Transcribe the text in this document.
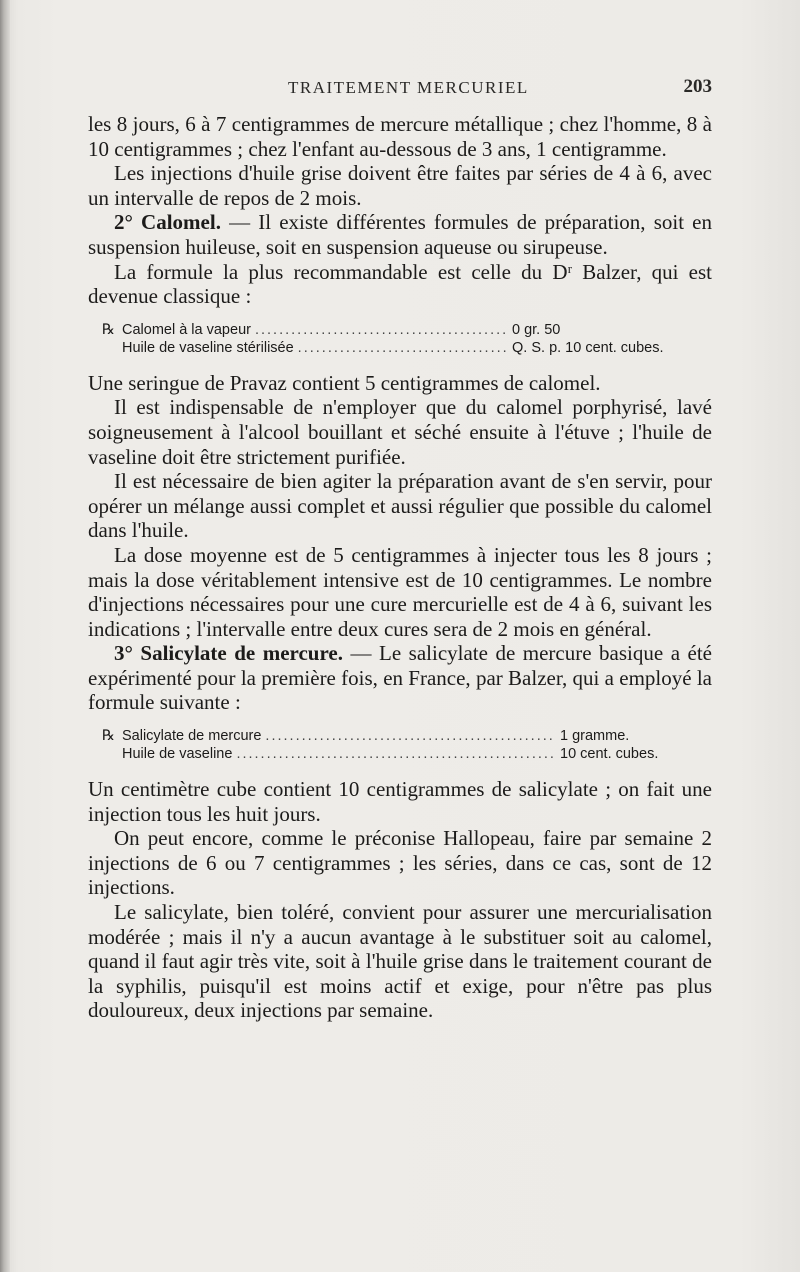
TRAITEMENT MERCURIEL	203

les 8 jours, 6 à 7 centigrammes de mercure métallique ; chez l'homme, 8 à 10 centigrammes ; chez l'enfant au-dessous de 3 ans, 1 centigramme.

Les injections d'huile grise doivent être faites par séries de 4 à 6, avec un intervalle de repos de 2 mois.

2° Calomel. — Il existe différentes formules de préparation, soit en suspension huileuse, soit en suspension aqueuse ou sirupeuse.

La formule la plus recommandable est celle du Dʳ Balzer, qui est devenue classique :

℞ Calomel à la vapeur .....	0 gr. 50
Huile de vaseline stérilisée .....	Q. S. p. 10 cent. cubes.

Une seringue de Pravaz contient 5 centigrammes de calomel.

Il est indispensable de n'employer que du calomel porphyrisé, lavé soigneusement à l'alcool bouillant et séché ensuite à l'étuve ; l'huile de vaseline doit être strictement purifiée.

Il est nécessaire de bien agiter la préparation avant de s'en servir, pour opérer un mélange aussi complet et aussi régulier que possible du calomel dans l'huile.

La dose moyenne est de 5 centigrammes à injecter tous les 8 jours ; mais la dose véritablement intensive est de 10 centigrammes. Le nombre d'injections nécessaires pour une cure mercurielle est de 4 à 6, suivant les indications ; l'intervalle entre deux cures sera de 2 mois en général.

3° Salicylate de mercure. — Le salicylate de mercure basique a été expérimenté pour la première fois, en France, par Balzer, qui a employé la formule suivante :

℞ Salicylate de mercure .....	1 gramme.
Huile de vaseline .....	10 cent. cubes.

Un centimètre cube contient 10 centigrammes de salicylate ; on fait une injection tous les huit jours.

On peut encore, comme le préconise Hallopeau, faire par semaine 2 injections de 6 ou 7 centigrammes ; les séries, dans ce cas, sont de 12 injections.

Le salicylate, bien toléré, convient pour assurer une mercurialisation modérée ; mais il n'y a aucun avantage à le substituer soit au calomel, quand il faut agir très vite, soit à l'huile grise dans le traitement courant de la syphilis, puisqu'il est moins actif et exige, pour n'être pas plus douloureux, deux injections par semaine.
